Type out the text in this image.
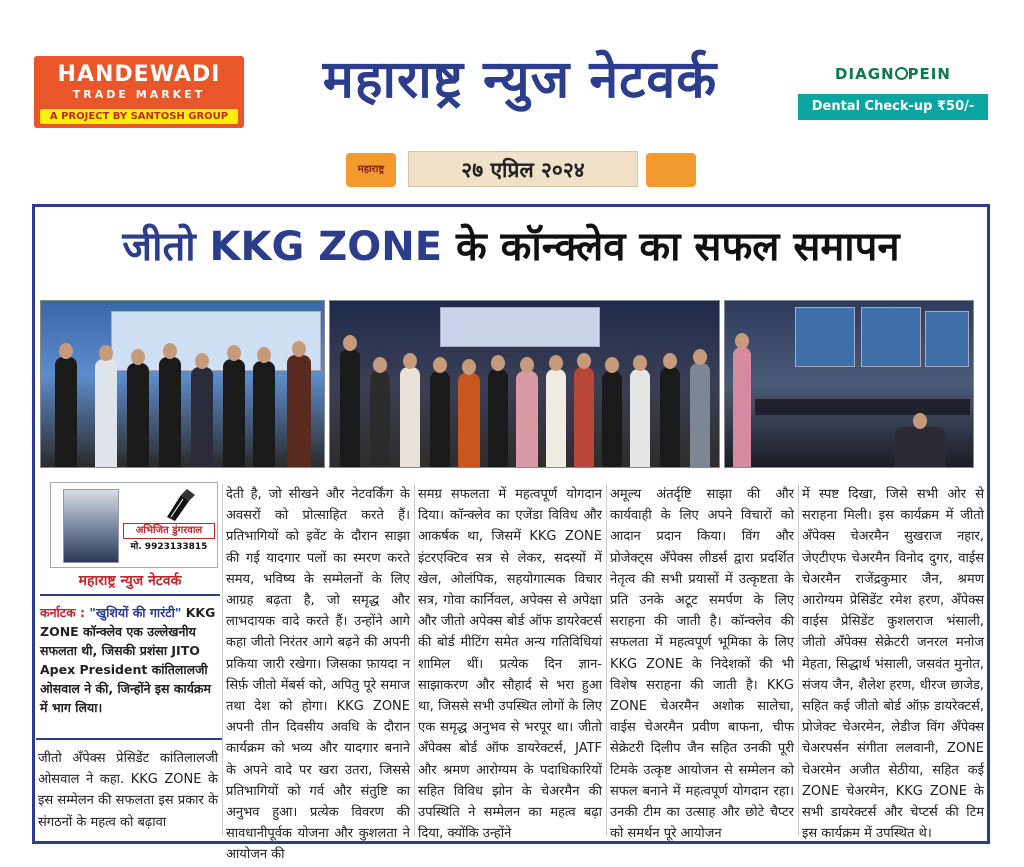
HANDEWADI
TRADE MARKET
A PROJECT BY SANTOSH GROUP
महाराष्ट्र न्युज नेटवर्क	DIAGN PEIN
Dental Check-up ₹50/-
महाराष्ट्र	२७ एप्रिल २०२४
जीतो KKG ZONE के कॉन्क्लेव का सफल समापन
अभिजित डुंगरवाल
मो. 9923133815
महाराष्ट्र न्युज नेटवर्क

कर्नाटक : "खुशियों की गारंटी" KKG ZONE कॉन्क्लेव एक उल्लेखनीय सफलता थी, जिसकी प्रशंसा JITO Apex President कांतिलालजी ओसवाल ने की, जिन्होंने इस कार्यक्रम में भाग लिया।

जीतो अँपेक्स प्रेसिडेंट कांतिलालजी ओसवाल ने कहा. KKG ZONE के इस सम्मेलन की सफलता इस प्रकार के संगठनों के महत्व को बढ़ावा

देती है, जो सीखने और नेटवर्किंग के अवसरों को प्रोत्साहित करते हैं। प्रतिभागियों को इवेंट के दौरान साझा की गई यादगार पलों का स्मरण करते समय, भविष्य के सम्मेलनों के लिए आग्रह बढ़ता है, जो समृद्ध और लाभदायक वादे करते हैं। उन्होंने आगे कहा जीतो निरंतर आगे बढ़ने की अपनी प्रकिया जारी रखेगा। जिसका फ़ायदा न सिर्फ़ जीतो मेंबर्स को, अपितु पूरे समाज तथा देश को होगा। KKG ZONE अपनी तीन दिवसीय अवधि के दौरान कार्यक्रम को भव्य और यादगार बनाने के अपने वादे पर खरा उतरा, जिससे प्रतिभागियों को गर्व और संतुष्टि का अनुभव हुआ। प्रत्येक विवरण की सावधानीपूर्वक योजना और कुशलता ने आयोजन की

समग्र सफलता में महत्वपूर्ण योगदान दिया। कॉन्क्लेव का एजेंडा विविध और आकर्षक था, जिसमें KKG ZONE इंटरएक्टिव सत्र से लेकर, सदस्यों में खेल, ओलंपिक, सहयोगात्मक विचार सत्र, गोवा कार्निवल, अपेक्स से अपेक्षा और जीतो अपेक्स बोर्ड ऑफ डायरेक्टर्स की बोर्ड मीटिंग समेत अन्य गतिविधियां शामिल थीं। प्रत्येक दिन ज्ञान-साझाकरण और सौहार्द से भरा हुआ था, जिससे सभी उपस्थित लोगों के लिए एक समृद्ध अनुभव से भरपूर था। जीतो अँपेक्स बोर्ड ऑफ डायरेक्टर्स, JATF और श्रमण आरोग्यम के पदाधिकारियों सहित विविध झोन के चेअरमैन की उपस्थिति ने सम्मेलन का महत्व बढ़ा दिया, क्योंकि उन्होंने

अमूल्य अंतर्दृष्टि साझा की और कार्यवाही के लिए अपने विचारों को आदान प्रदान किया। विंग और प्रोजेक्ट्स अँपेक्स लीडर्स द्वारा प्रदर्शित नेतृत्व की सभी प्रयासों में उत्कृष्टता के प्रति उनके अटूट समर्पण के लिए सराहना की जाती है। कॉन्क्लेव की सफलता में महत्वपूर्ण भूमिका के लिए KKG ZONE के निदेशकों की भी विशेष सराहना की जाती है। KKG ZONE चेअरमैन अशोक सालेचा, वाईस चेअरमैन प्रवीण बाफना, चीफ सेक्रेटरी दिलीप जैन सहित उनकी पूरी टिमके उत्कृष्ट आयोजन से सम्मेलन को सफल बनाने में महत्वपूर्ण योगदान रहा। उनकी टीम का उत्साह और छोटे चैप्टर को समर्थन पूरे आयोजन

में स्पष्ट दिखा, जिसे सभी ओर से सराहना मिली। इस कार्यक्रम में जीतो अँपेक्स चेअरमैन सुखराज नहार, जेएटीएफ चेअरमैन विनोद दुगर, वाईस चेअरमैन राजेंद्रकुमार जैन, श्रमण आरोग्यम प्रेसिडेंट रमेश हरण, अँपेक्स वाईस प्रेसिडेंट कुशलराज भंसाली, जीतो अँपेक्स सेक्रेटरी जनरल मनोज मेहता, सिद्धार्थ भंसाली, जसवंत मुनोत, संजय जैन, शैलेश हरण, धीरज छाजेड, सहित कई जीतो बोर्ड ऑफ़ डायरेक्टर्स, प्रोजेक्ट चेअरमेन, लेडीज विंग अँपेक्स चेअरपर्सन संगीता ललवानी, ZONE चेअरमेन अजीत सेठीया, सहित कई ZONE चेअरमेन, KKG ZONE के सभी डायरेक्टर्स और चेप्टर्स की टिम इस कार्यक्रम में उपस्थित थे।
